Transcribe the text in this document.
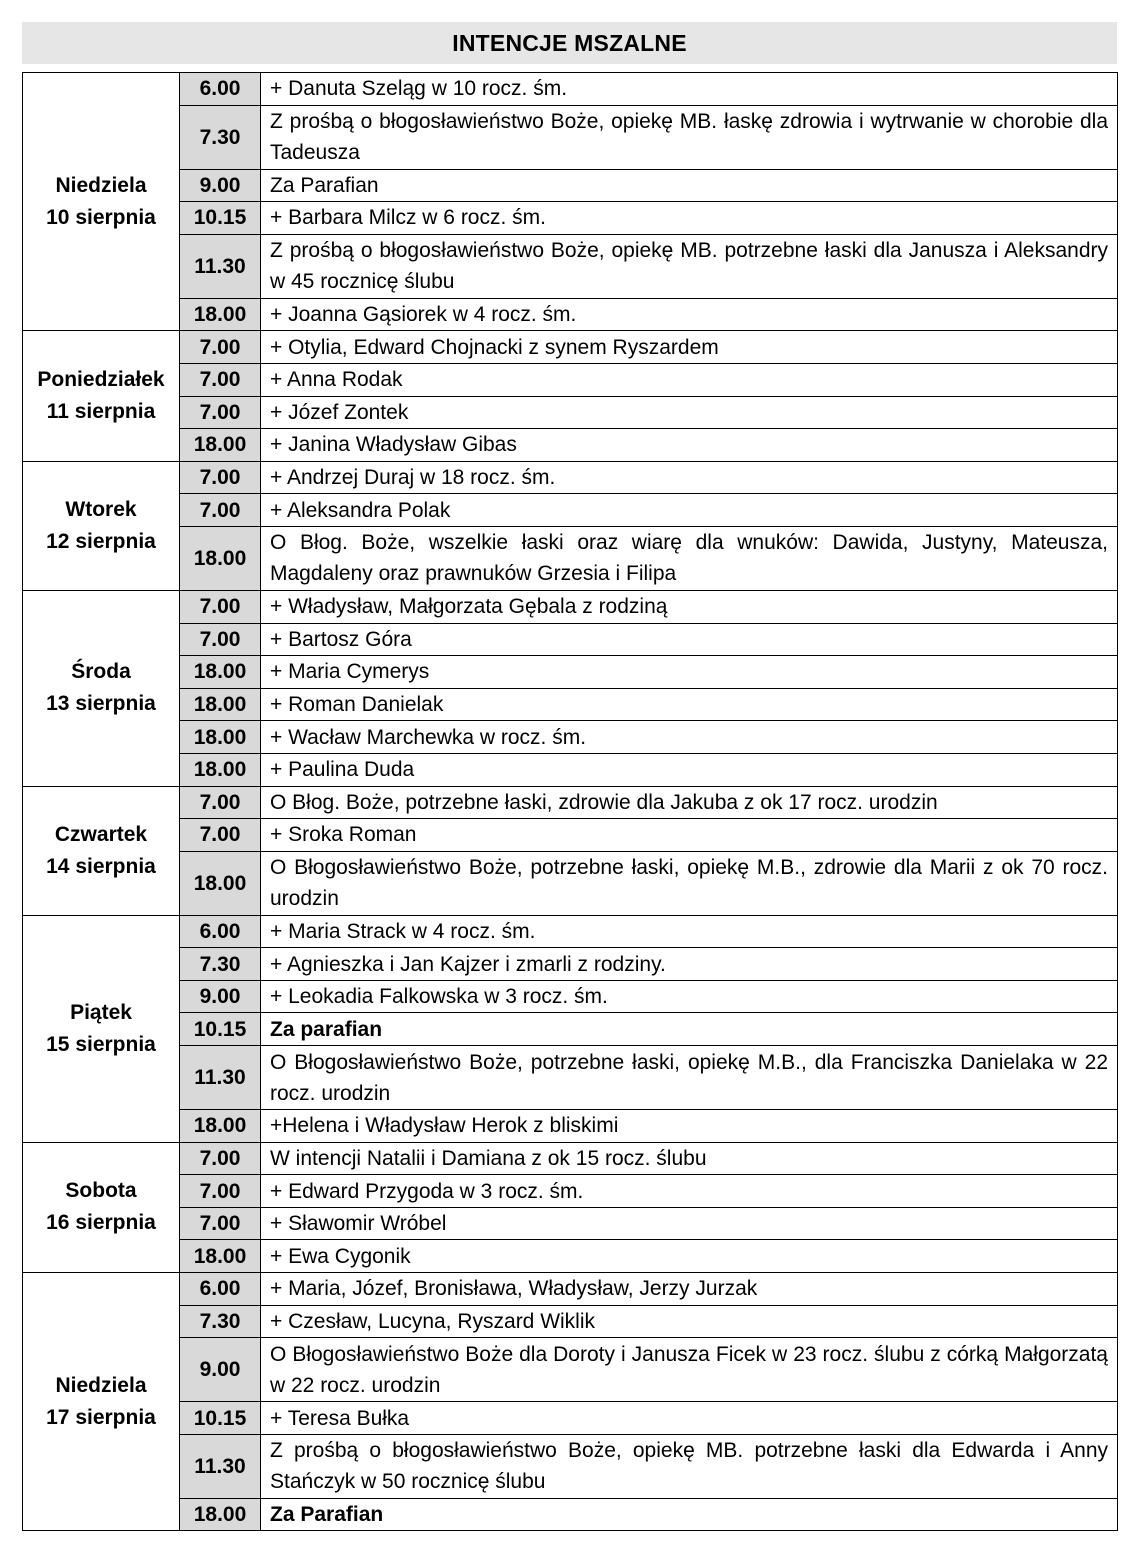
INTENCJE MSZALNE
Niedziela
10 sierpnia	6.00	+ Danuta Szeląg w 10 rocz. śm.
	7.30	Z prośbą o błogosławieństwo Boże, opiekę MB. łaskę zdrowia i wytrwanie w chorobie dla Tadeusza
	9.00	Za Parafian
	10.15	+ Barbara Milcz w 6 rocz. śm.
	11.30	Z prośbą o błogosławieństwo Boże, opiekę MB. potrzebne łaski dla Janusza i Aleksandry w 45 rocznicę ślubu
	18.00	+ Joanna Gąsiorek w 4 rocz. śm.

Poniedziałek
11 sierpnia	7.00	+ Otylia, Edward Chojnacki z synem Ryszardem
	7.00	+ Anna Rodak
	7.00	+ Józef Zontek
	18.00	+ Janina Władysław Gibas

Wtorek
12 sierpnia	7.00	+ Andrzej Duraj w 18 rocz. śm.
	7.00	+ Aleksandra Polak
	18.00	O Błog. Boże, wszelkie łaski oraz wiarę dla wnuków: Dawida, Justyny, Mateusza, Magdaleny oraz prawnuków Grzesia i Filipa

Środa
13 sierpnia	7.00	+ Władysław, Małgorzata Gębala z rodziną
	7.00	+ Bartosz Góra
	18.00	+ Maria Cymerys
	18.00	+ Roman Danielak
	18.00	+ Wacław Marchewka w rocz. śm.
	18.00	+ Paulina Duda

Czwartek
14 sierpnia	7.00	O Błog. Boże, potrzebne łaski, zdrowie dla Jakuba z ok 17 rocz. urodzin
	7.00	+ Sroka Roman
	18.00	O Błogosławieństwo Boże, potrzebne łaski, opiekę M.B., zdrowie dla Marii z ok 70 rocz. urodzin

Piątek
15 sierpnia	6.00	+ Maria Strack w 4 rocz. śm.
	7.30	+ Agnieszka i Jan Kajzer i zmarli z rodziny.
	9.00	+ Leokadia Falkowska w 3 rocz. śm.
	10.15	Za parafian
	11.30	O Błogosławieństwo Boże, potrzebne łaski, opiekę M.B., dla Franciszka Danielaka w 22 rocz. urodzin
	18.00	+Helena i Władysław Herok z bliskimi

Sobota
16 sierpnia	7.00	W intencji Natalii i Damiana z ok 15 rocz. ślubu
	7.00	+ Edward Przygoda w 3 rocz. śm.
	7.00	+ Sławomir Wróbel
	18.00	+ Ewa Cygonik

Niedziela
17 sierpnia	6.00	+ Maria, Józef, Bronisława, Władysław, Jerzy Jurzak
	7.30	+ Czesław, Lucyna, Ryszard Wiklik
	9.00	O Błogosławieństwo Boże dla Doroty i Janusza Ficek w 23 rocz. ślubu z córką Małgorzatą w 22 rocz. urodzin
	10.15	+ Teresa Bułka
	11.30	Z prośbą o błogosławieństwo Boże, opiekę MB. potrzebne łaski dla Edwarda i Anny Stańczyk w 50 rocznicę ślubu
	18.00	Za Parafian
